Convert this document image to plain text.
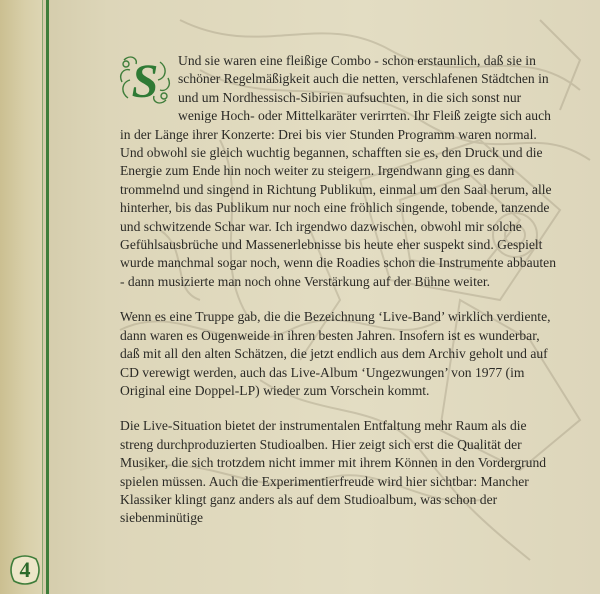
S Und sie waren eine fleißige Combo - schon erstaunlich, daß sie in schöner Regelmäßigkeit auch die netten, verschlafenen Städtchen in und um Nordhessisch-Sibirien aufsuchten, in die sich sonst nur wenige Hoch- oder Mittelkaräter verirrten. Ihr Fleiß zeigte sich auch in der Länge ihrer Konzerte: Drei bis vier Stunden Programm waren normal. Und obwohl sie gleich wuchtig begannen, schafften sie es, den Druck und die Energie zum Ende hin noch weiter zu steigern. Irgendwann ging es dann trommelnd und singend in Richtung Publikum, einmal um den Saal herum, alle hinterher, bis das Publikum nur noch eine fröhlich singende, tobende, tanzende und schwitzende Schar war. Ich irgendwo dazwischen, obwohl mir solche Gefühlsausbrüche und Massenerlebnisse bis heute eher suspekt sind. Gespielt wurde manchmal sogar noch, wenn die Roadies schon die Instrumente abbauten - dann musizierte man noch ohne Verstärkung auf der Bühne weiter.

Wenn es eine Truppe gab, die die Bezeichnung ‘Live-Band’ wirklich verdiente, dann waren es Ougenweide in ihren besten Jahren. Insofern ist es wunderbar, daß mit all den alten Schätzen, die jetzt endlich aus dem Archiv geholt und auf CD verewigt werden, auch das Live-Album ‘Ungezwungen’ von 1977 (im Original eine Doppel-LP) wieder zum Vorschein kommt.

Die Live-Situation bietet der instrumentalen Entfaltung mehr Raum als die streng durchproduzierten Studioalben. Hier zeigt sich erst die Qualität der Musiker, die sich trotzdem nicht immer mit ihrem Können in den Vordergrund spielen müssen. Auch die Experimentierfreude wird hier sichtbar: Mancher Klassiker klingt ganz anders als auf dem Studioalbum, was schon der siebenminütige

4
